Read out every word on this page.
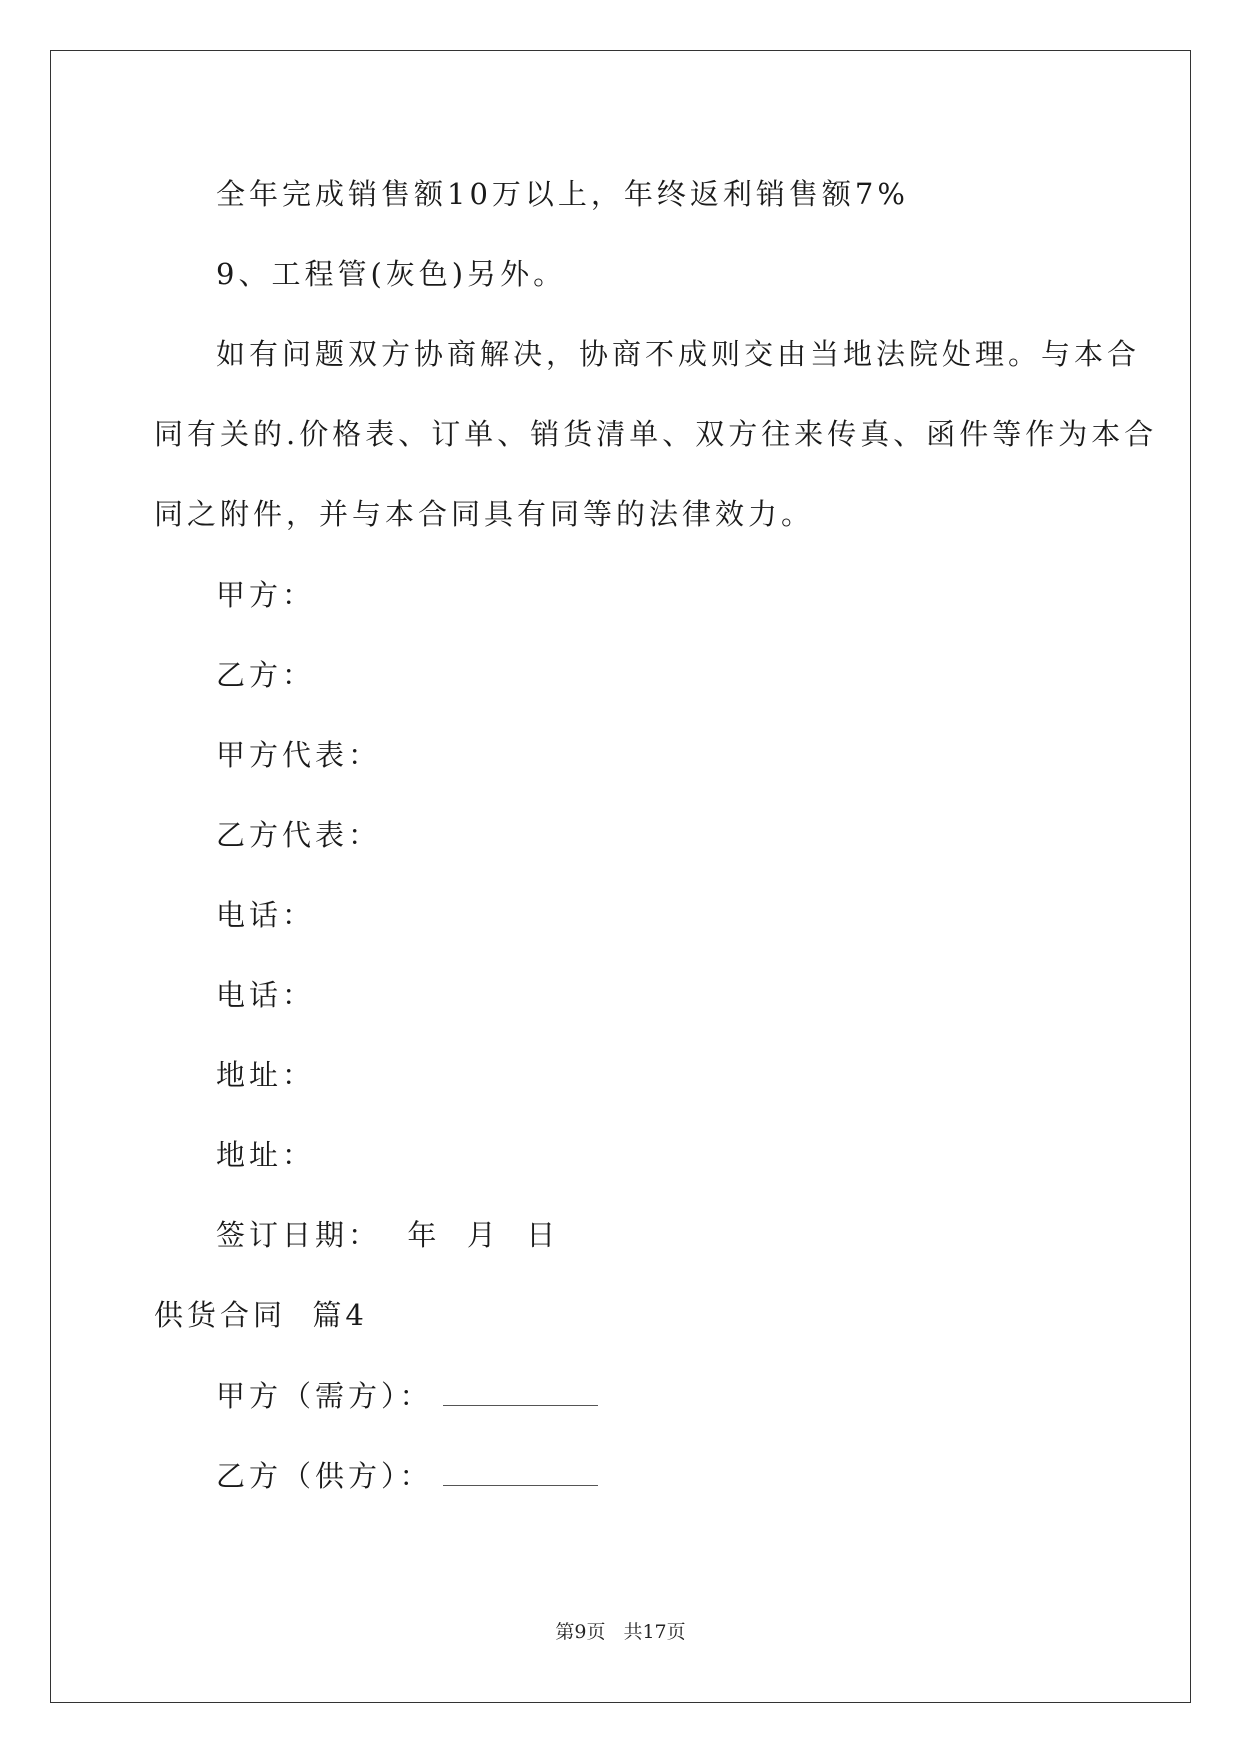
全年完成销售额10万以上，年终返利销售额7%
9、工程管(灰色)另外。
如有问题双方协商解决，协商不成则交由当地法院处理。与本合
同有关的.价格表、订单、销货清单、双方往来传真、函件等作为本合
同之附件，并与本合同具有同等的法律效力。
甲方：
乙方：
甲方代表：
乙方代表：
电话：
电话：
地址：
地址：
签订日期：  年  月  日
供货合同  篇4
甲方（需方）：
乙方（供方）：
第9页 共17页
